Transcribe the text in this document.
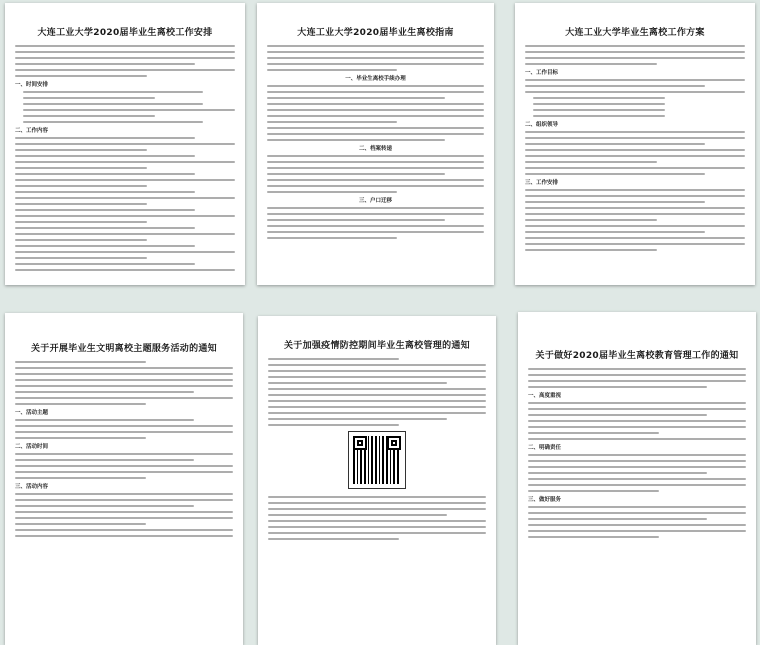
大连工业大学2020届毕业生离校工作安排
一、时间安排
二、工作内容
大连工业大学2020届毕业生离校指南
一、毕业生离校手续办理
二、档案转递
三、户口迁移
大连工业大学毕业生离校工作方案
一、工作目标
二、组织领导
三、工作安排
关于开展毕业生文明离校主题服务活动的通知
一、活动主题
二、活动时间
三、活动内容
关于加强疫情防控期间毕业生离校管理的通知
关于做好2020届毕业生离校教育管理工作的通知
一、高度重视
二、明确责任
三、做好服务
